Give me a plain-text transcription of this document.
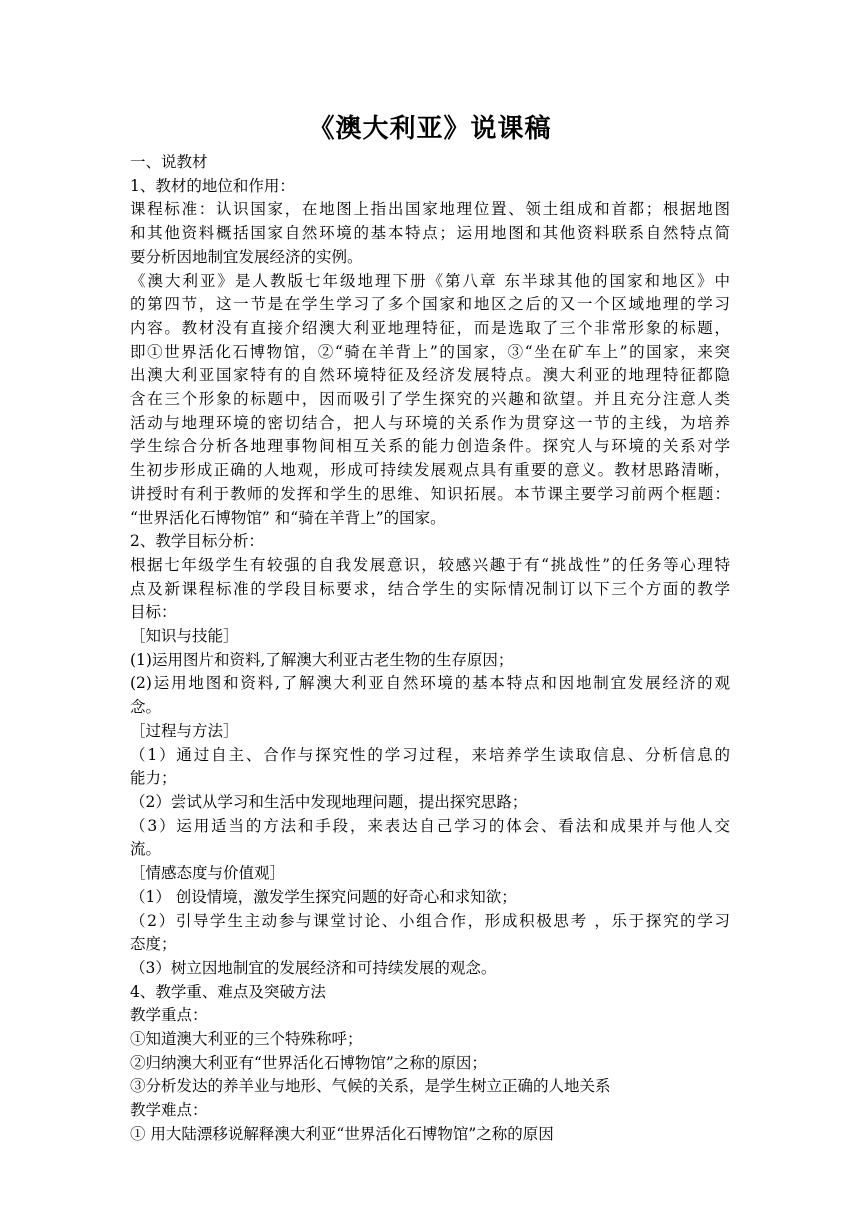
《澳大利亚》说课稿

一、说教材

1、教材的地位和作用：

课程标准：认识国家，在地图上指出国家地理位置、领土组成和首都；根据地图

和其他资料概括国家自然环境的基本特点；运用地图和其他资料联系自然特点简

要分析因地制宜发展经济的实例。

《澳大利亚》是人教版七年级地理下册《第八章 东半球其他的国家和地区》中

的第四节，这一节是在学生学习了多个国家和地区之后的又一个区域地理的学习

内容。教材没有直接介绍澳大利亚地理特征，而是选取了三个非常形象的标题，

即①世界活化石博物馆，②“骑在羊背上”的国家，③“坐在矿车上”的国家，来突

出澳大利亚国家特有的自然环境特征及经济发展特点。澳大利亚的地理特征都隐

含在三个形象的标题中，因而吸引了学生探究的兴趣和欲望。并且充分注意人类

活动与地理环境的密切结合，把人与环境的关系作为贯穿这一节的主线，为培养

学生综合分析各地理事物间相互关系的能力创造条件。探究人与环境的关系对学

生初步形成正确的人地观，形成可持续发展观点具有重要的意义。教材思路清晰，

讲授时有利于教师的发挥和学生的思维、知识拓展。本节课主要学习前两个框题：

“世界活化石博物馆” 和“骑在羊背上”的国家。

2、教学目标分析：

根据七年级学生有较强的自我发展意识，较感兴趣于有“挑战性”的任务等心理特

点及新课程标准的学段目标要求，结合学生的实际情况制订以下三个方面的教学

目标：

［知识与技能］

(1)运用图片和资料,了解澳大利亚古老生物的生存原因；

(2)运用地图和资料,了解澳大利亚自然环境的基本特点和因地制宜发展经济的观

念。

［过程与方法］

（1）通过自主、合作与探究性的学习过程，来培养学生读取信息、分析信息的

能力；

（2）尝试从学习和生活中发现地理问题，提出探究思路；

（3）运用适当的方法和手段，来表达自己学习的体会、看法和成果并与他人交

流。

［情感态度与价值观］

（1） 创设情境，激发学生探究问题的好奇心和求知欲；

（2）引导学生主动参与课堂讨论、小组合作，形成积极思考 ，乐于探究的学习

态度；

（3）树立因地制宜的发展经济和可持续发展的观念。

4、教学重、难点及突破方法

教学重点：

①知道澳大利亚的三个特殊称呼；

②归纳澳大利亚有“世界活化石博物馆”之称的原因；

③分析发达的养羊业与地形、气候的关系，是学生树立正确的人地关系

教学难点：

① 用大陆漂移说解释澳大利亚“世界活化石博物馆”之称的原因
